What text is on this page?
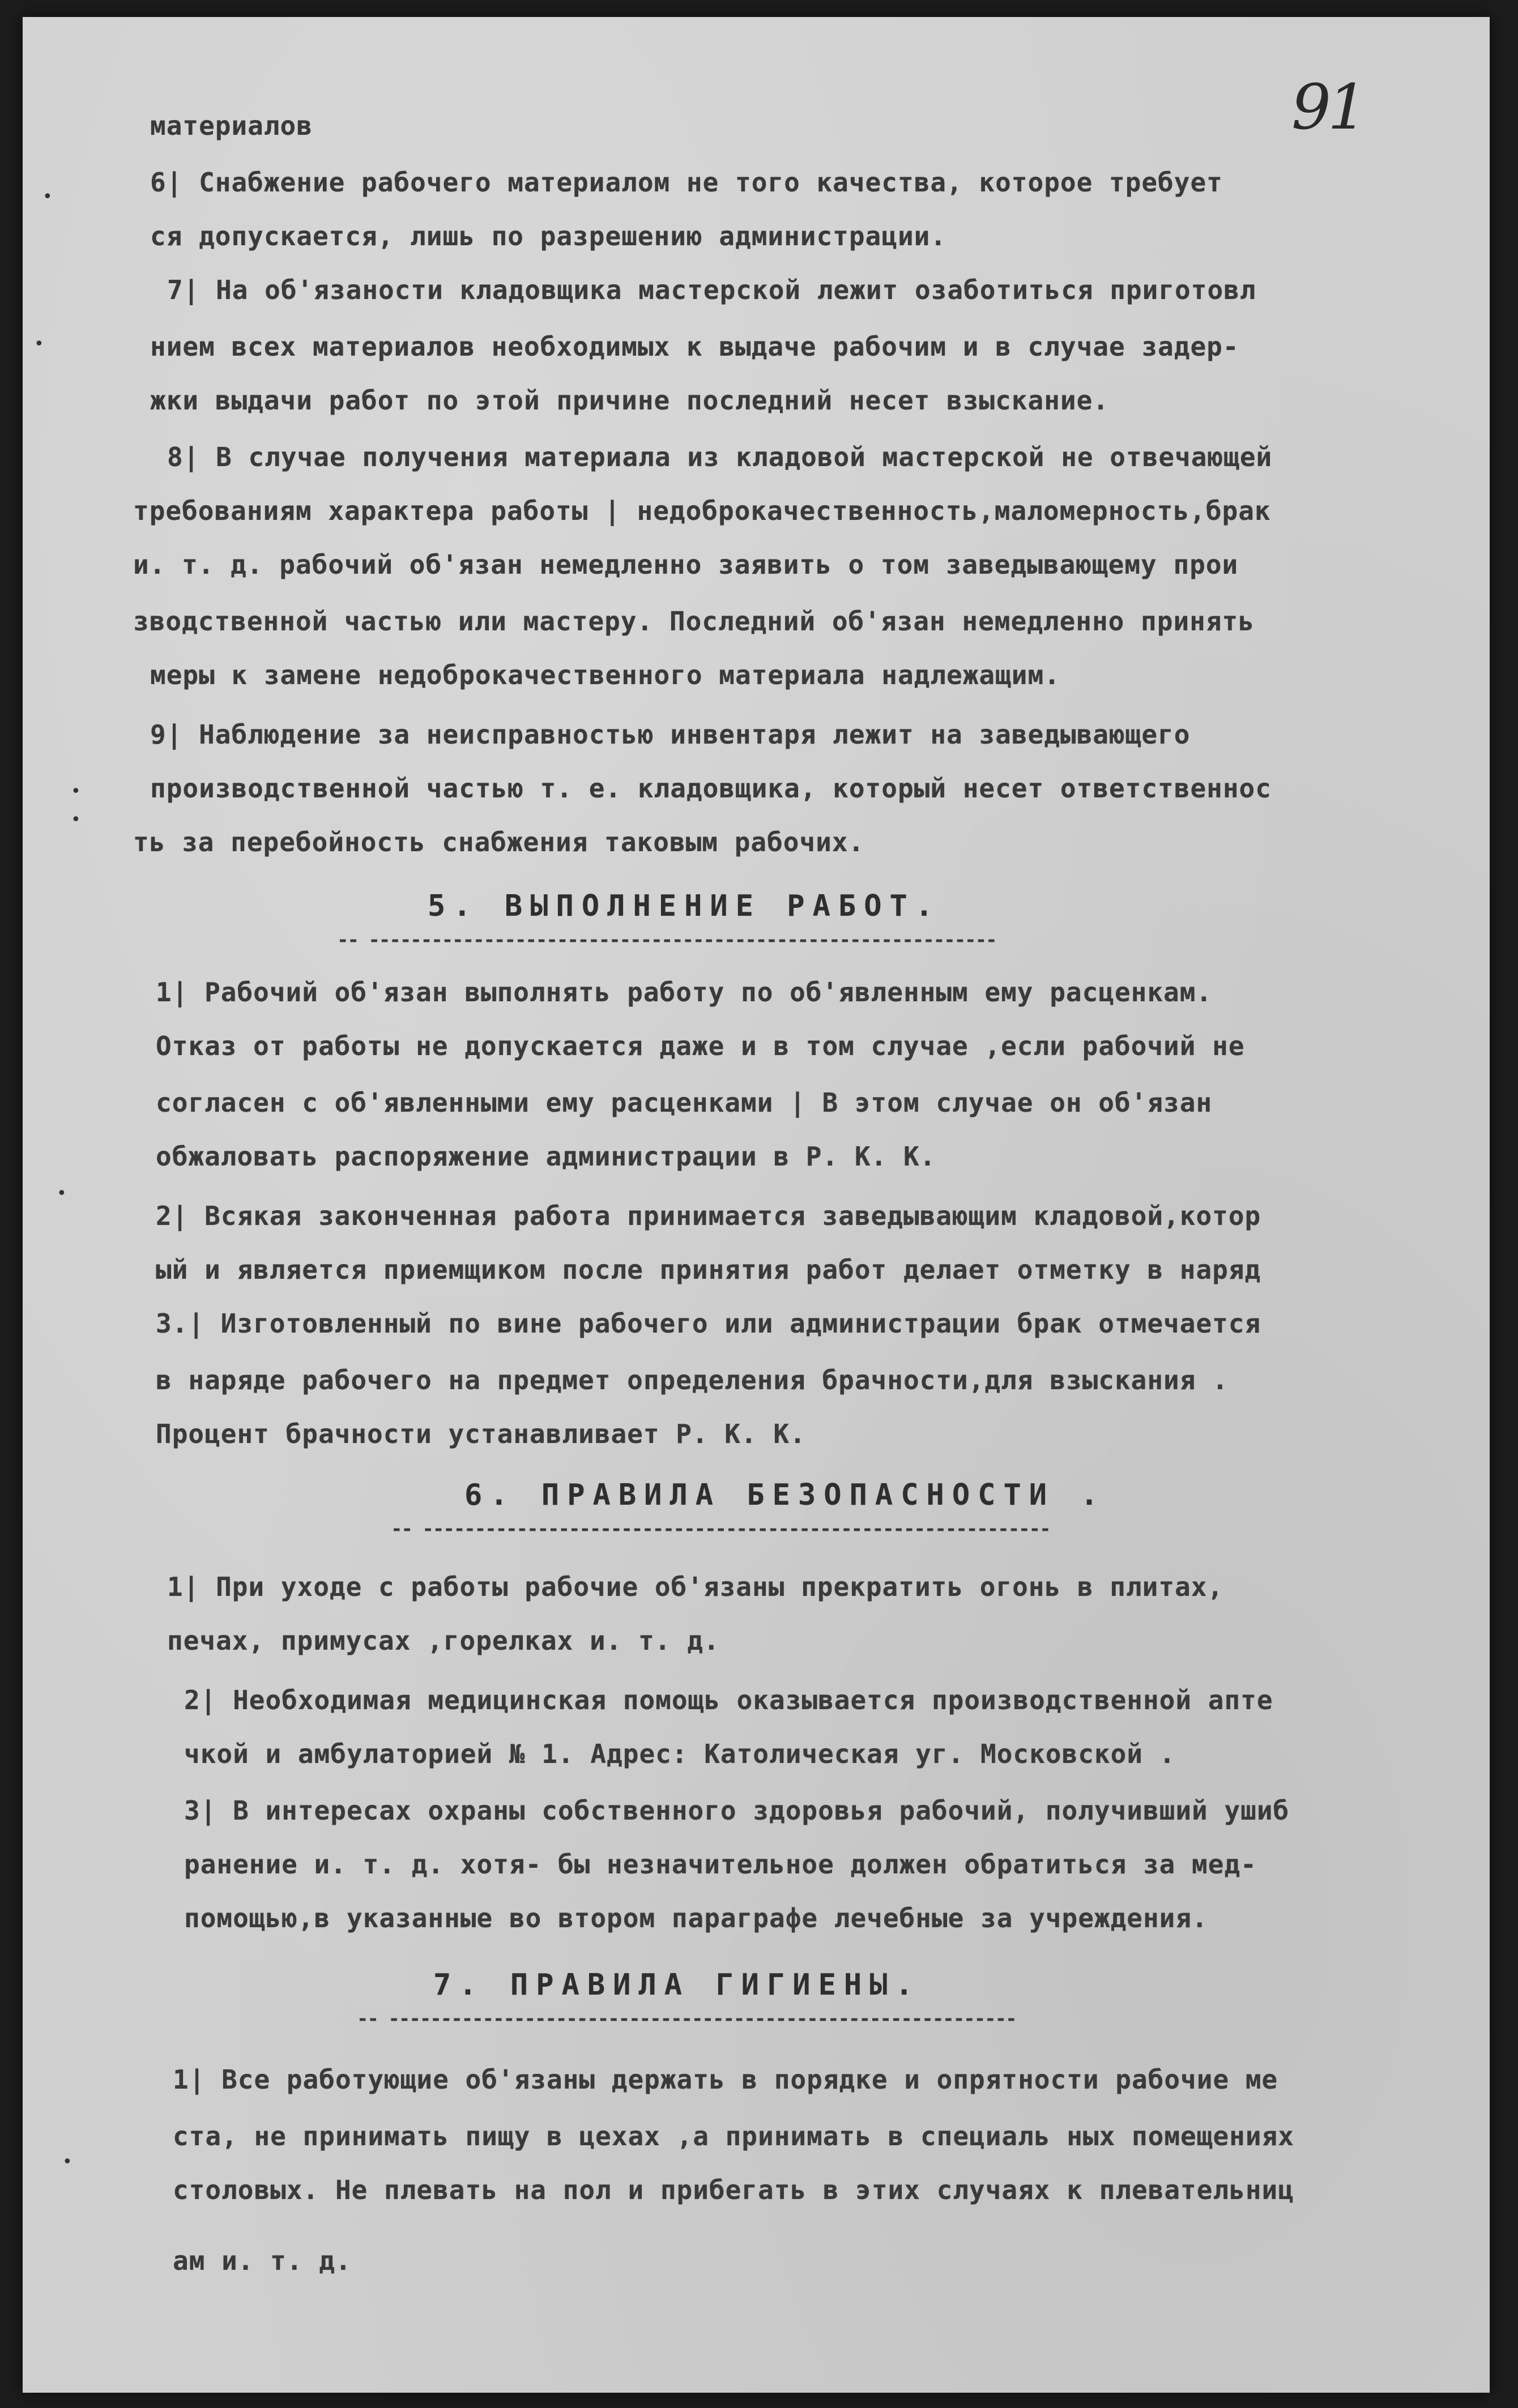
91
материалов
6| Снабжение рабочего материалом не того качества, которое требует
ся допускается, лишь по разрешению администрации.
7| На об'язаности кладовщика мастерской лежит озаботиться приготовл
нием всех материалов необходимых к выдаче рабочим и в случае задер-
жки выдачи работ по этой причине последний несет взыскание.
8| В случае получения материала из кладовой мастерской не отвечающей
требованиям характера работы | недоброкачественность,маломерность,брак
и. т. д. рабочий об'язан немедленно заявить о том заведывающему прои
зводственной частью или мастеру. Последний об'язан немедленно принять
меры к замене недоброкачественного материала надлежащим.
9| Наблюдение за неисправностью инвентаря лежит на заведывающего
производственной частью т. е. кладовщика, который несет ответственнос
ть за перебойность снабжения таковым рабочих.
5. ВЫПОЛНЕНИЕ РАБОТ.
-- ------------------------------------------------------------
1| Рабочий об'язан выполнять работу по об'явленным ему расценкам.
Отказ от работы не допускается даже и в том случае ,если рабочий не
согласен с об'явленными ему расценками | В этом случае он об'язан
обжаловать распоряжение администрации в Р. К. К.
2| Всякая законченная работа принимается заведывающим кладовой,котор
ый и является приемщиком после принятия работ делает отметку в наряд
3.| Изготовленный по вине рабочего или администрации брак отмечается
в наряде рабочего на предмет определения брачности,для взыскания .
Процент брачности устанавливает Р. К. К.
6. ПРАВИЛА БЕЗОПАСНОСТИ .
-- ------------------------------------------------------------
1| При уходе с работы рабочие об'язаны прекратить огонь в плитах,
печах, примусах ,горелках и. т. д.
2| Необходимая медицинская помощь оказывается производственной апте
чкой и амбулаторией № 1. Адрес: Католическая уг. Московской .
3| В интересах охраны собственного здоровья рабочий, получивший ушиб
ранение и. т. д. хотя- бы незначительное должен обратиться за мед-
помощью,в указанные во втором параграфе лечебные за учреждения.
7. ПРАВИЛА ГИГИЕНЫ.
-- ------------------------------------------------------------
1| Все работующие об'язаны держать в порядке и опрятности рабочие ме
ста, не принимать пищу в цехах ,а принимать в специаль ных помещениях
столовых. Не плевать на пол и прибегать в этих случаях к плевательниц
ам и. т. д.
•
•
•
•
•
•
